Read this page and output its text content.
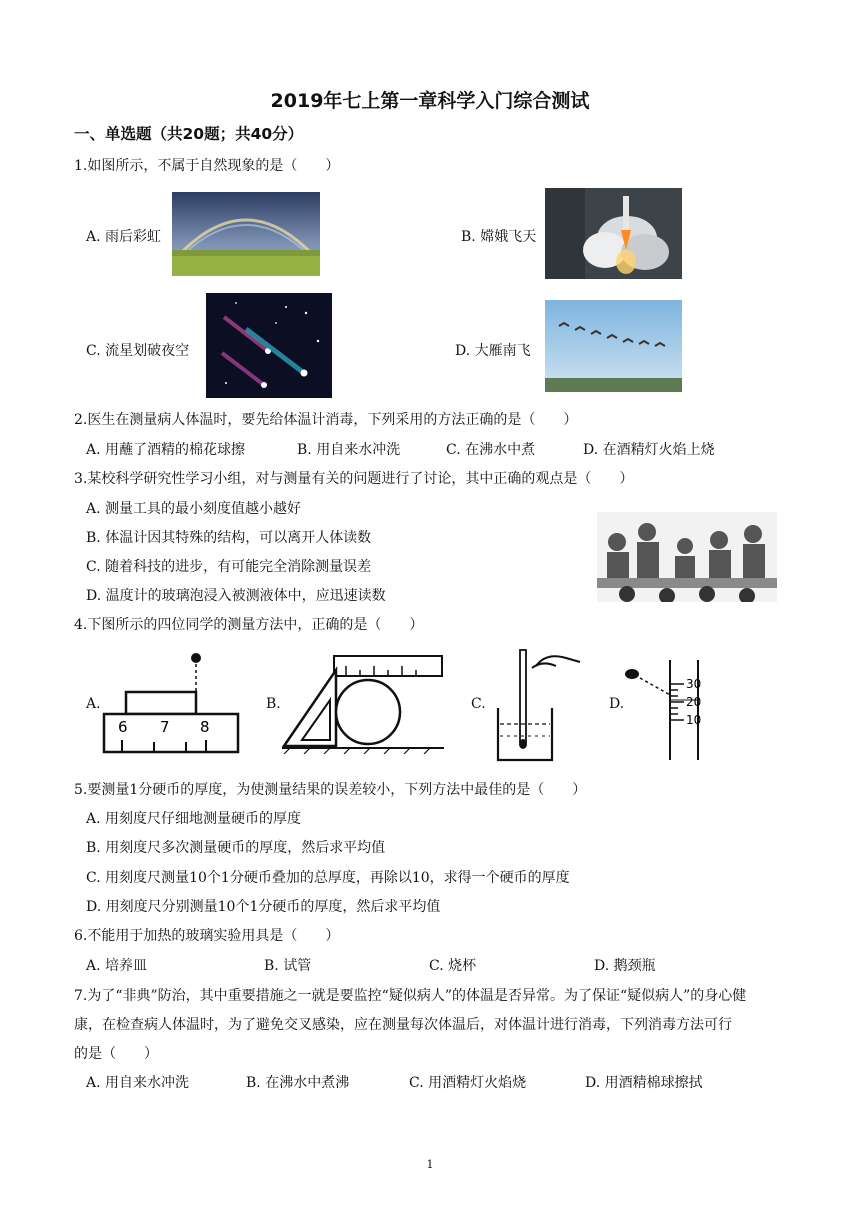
2019年七上第一章科学入门综合测试
一、单选题（共20题；共40分）
1.如图所示，不属于自然现象的是（　　）
A. 雨后彩虹	B. 嫦娥飞天
C. 流星划破夜空	D. 大雁南飞
2.医生在测量病人体温时，要先给体温计消毒，下列采用的方法正确的是（　　）
A. 用蘸了酒精的棉花球擦	B. 用自来水冲洗	C. 在沸水中煮	D. 在酒精灯火焰上烧
3.某校科学研究性学习小组，对与测量有关的问题进行了讨论，其中正确的观点是（　　）
A. 测量工具的最小刻度值越小越好
B. 体温计因其特殊的结构，可以离开人体读数
C. 随着科技的进步，有可能完全消除测量误差
D. 温度计的玻璃泡浸入被测液体中，应迅速读数
4.下图所示的四位同学的测量方法中，正确的是（　　）
A.
6 7 8
B.	C.	D.
30
20
10
5.要测量1分硬币的厚度，为使测量结果的误差较小，下列方法中最佳的是（　　）
A. 用刻度尺仔细地测量硬币的厚度
B. 用刻度尺多次测量硬币的厚度，然后求平均值
C. 用刻度尺测量10个1分硬币叠加的总厚度，再除以10，求得一个硬币的厚度
D. 用刻度尺分别测量10个1分硬币的厚度，然后求平均值
6.不能用于加热的玻璃实验用具是（　　）
A. 培养皿	B. 试管	C. 烧杯	D. 鹅颈瓶
7.为了“非典”防治，其中重要措施之一就是要监控“疑似病人”的体温是否异常。为了保证“疑似病人”的身心健
康，在检查病人体温时，为了避免交叉感染，应在测量每次体温后，对体温计进行消毒，下列消毒方法可行
的是（　　）
A. 用自来水冲洗	B. 在沸水中煮沸	C. 用酒精灯火焰烧	D. 用酒精棉球擦拭
1
